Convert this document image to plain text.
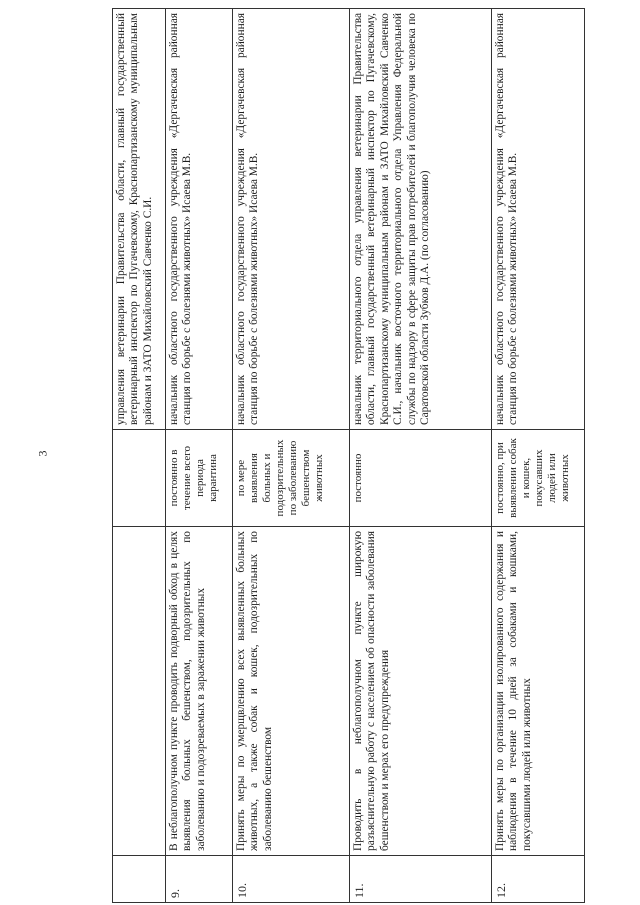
3
			управления ветеринарии Правительства области, главный государственный ветеринарный инспектор по Пугачевскому, Краснопартизанскому муниципальным районам и ЗАТО Михайловский Савченко С.И.
9.	В неблагополучном пункте проводить подворный обход в целях выявления больных бешенством, подозрительных по заболеванию и подозреваемых в заражении животных	постоянно в течение всего периода карантина	начальник областного государственного учреждения «Дергачевская районная станция по борьбе с болезнями животных» Исаева М.В.
10.	Принять меры по умерщвлению всех выявленных больных животных, а также собак и кошек, подозрительных по заболеванию бешенством	по мере выявления больных и подозрительных по заболеванию бешенством животных	начальник областного государственного учреждения «Дергачевская районная станция по борьбе с болезнями животных» Исаева М.В.
11.	Проводить в неблагополучном пункте широкую разъяснительную работу с населением об опасности заболевания бешенством и мерах его предупреждения	постоянно	начальник территориального отдела управления ветеринарии Правительства области, главный государственный ветеринарный инспектор по Пугачевскому, Краснопартизанскому муниципальным районам и ЗАТО Михайловский Савченко С.И., начальник восточного территориального отдела Управления Федеральной службы по надзору в сфере защиты прав потребителей и благополучия человека по Саратовской области Зубков Д.А. (по согласованию)
12.	Принять меры по организации изолированного содержания и наблюдения в течение 10 дней за собаками и кошками, покусавшими людей или животных	постоянно, при выявлении собак и кошек, покусавших людей или животных	начальник областного государственного учреждения «Дергачевская районная станция по борьбе с болезнями животных» Исаева М.В.
